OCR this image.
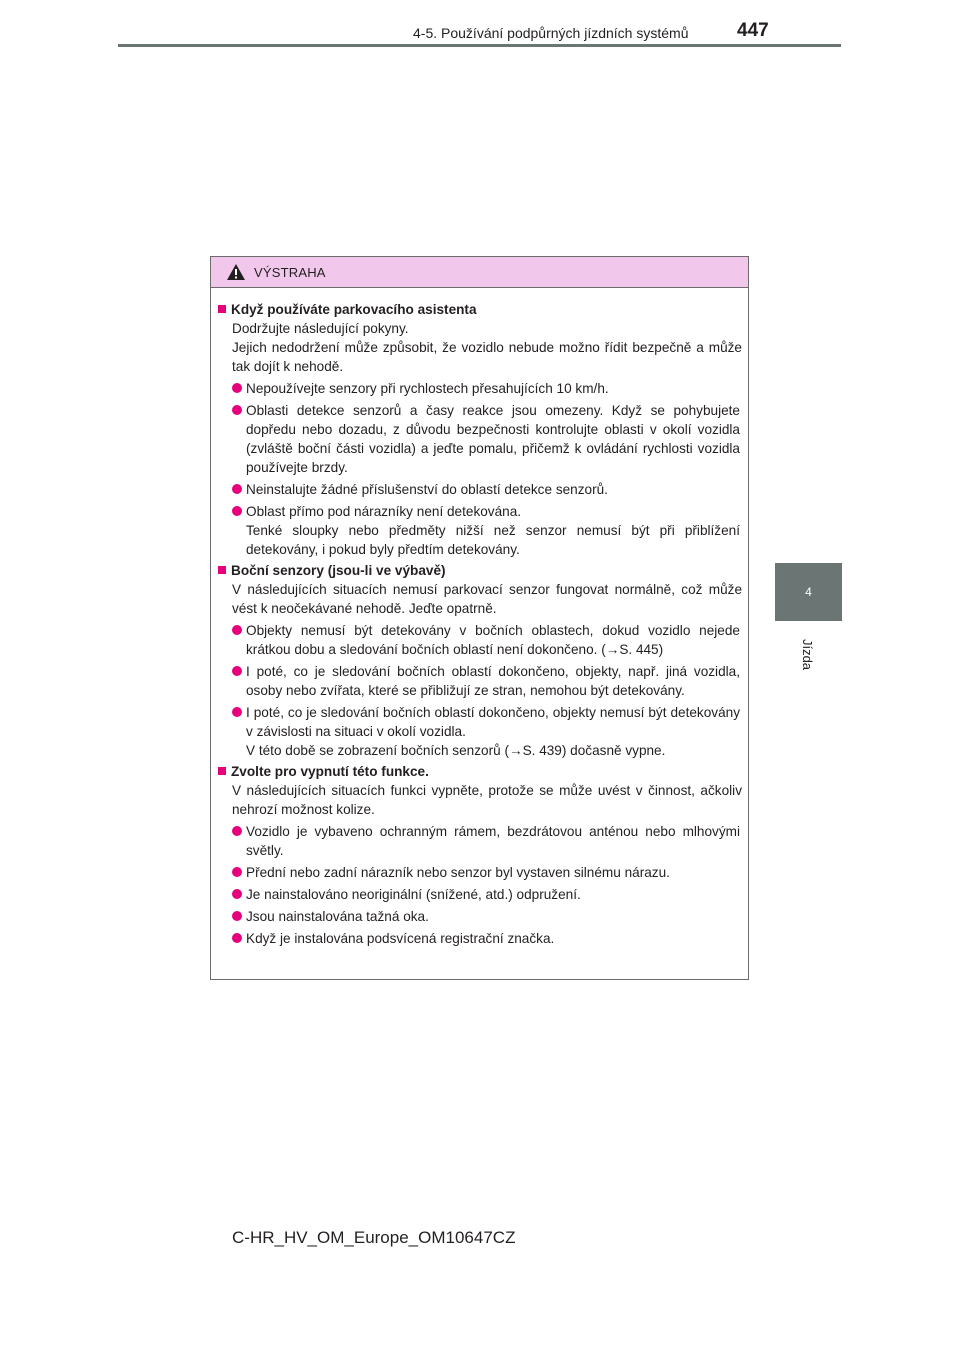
4-5. Používání podpůrných jízdních systémů	447
4
Jízda
VÝSTRAHA
Když používáte parkovacího asistenta

Dodržujte následující pokyny.

Jejich nedodržení může způsobit, že vozidlo nebude možno řídit bezpečně a může tak dojít k nehodě.

Nepoužívejte senzory při rychlostech přesahujících 10 km/h.

Oblasti detekce senzorů a časy reakce jsou omezeny. Když se pohybujete dopředu nebo dozadu, z důvodu bezpečnosti kontrolujte oblasti v okolí vozidla (zvláště boční části vozidla) a jeďte pomalu, přičemž k ovládání rychlosti vozidla používejte brzdy.

Neinstalujte žádné příslušenství do oblastí detekce senzorů.

Oblast přímo pod nárazníky není detekována.

Tenké sloupky nebo předměty nižší než senzor nemusí být při přiblížení detekovány, i pokud byly předtím detekovány.

Boční senzory (jsou-li ve výbavě)

V následujících situacích nemusí parkovací senzor fungovat normálně, což může vést k neočekávané nehodě. Jeďte opatrně.

Objekty nemusí být detekovány v bočních oblastech, dokud vozidlo nejede krátkou dobu a sledování bočních oblastí není dokončeno. (→S. 445)

I poté, co je sledování bočních oblastí dokončeno, objekty, např. jiná vozidla, osoby nebo zvířata, které se přibližují ze stran, nemohou být detekovány.

I poté, co je sledování bočních oblastí dokončeno, objekty nemusí být detekovány v závislosti na situaci v okolí vozidla.

V této době se zobrazení bočních senzorů (→S. 439) dočasně vypne.

Zvolte pro vypnutí této funkce.

V následujících situacích funkci vypněte, protože se může uvést v činnost, ačkoliv nehrozí možnost kolize.

Vozidlo je vybaveno ochranným rámem, bezdrátovou anténou nebo mlhovými světly.

Přední nebo zadní nárazník nebo senzor byl vystaven silnému nárazu.

Je nainstalováno neoriginální (snížené, atd.) odpružení.

Jsou nainstalována tažná oka.

Když je instalována podsvícená registrační značka.

C-HR_HV_OM_Europe_OM10647CZ
